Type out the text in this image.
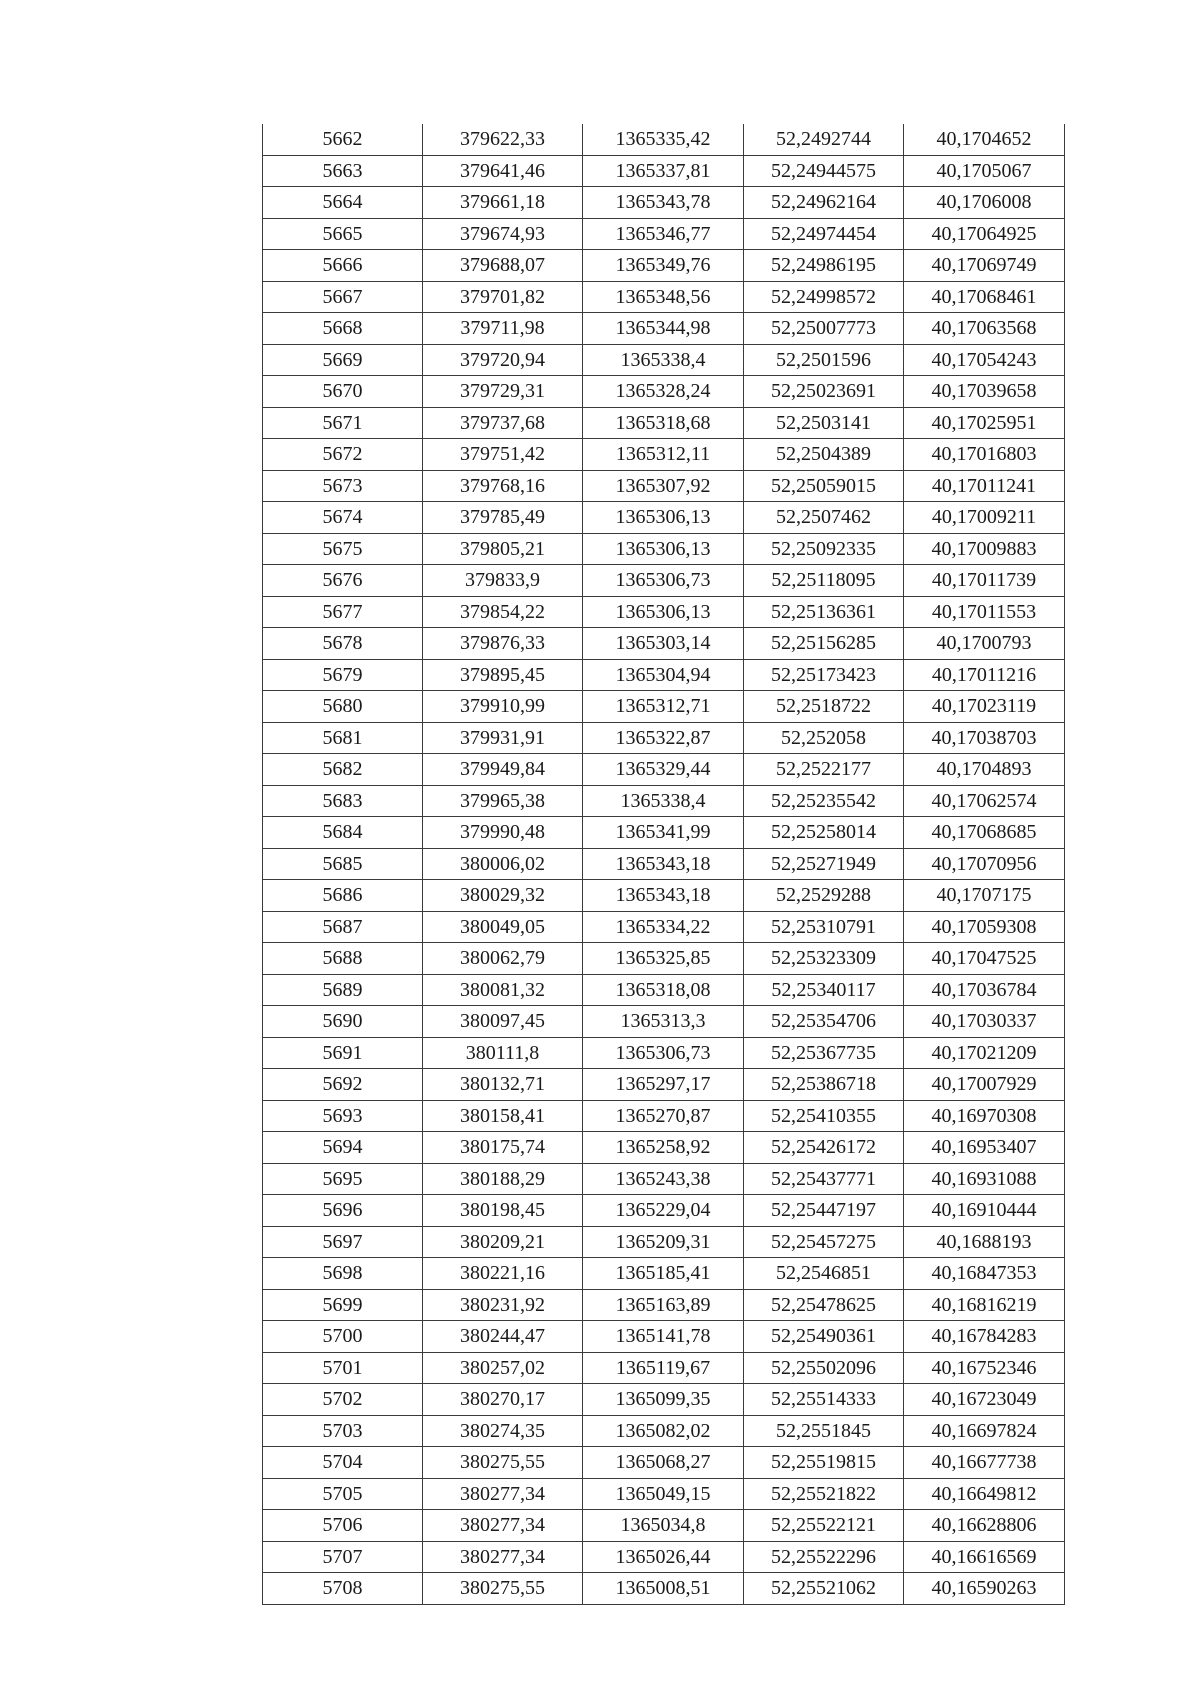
5662	379622,33	1365335,42	52,2492744	40,1704652
5663	379641,46	1365337,81	52,24944575	40,1705067
5664	379661,18	1365343,78	52,24962164	40,1706008
5665	379674,93	1365346,77	52,24974454	40,17064925
5666	379688,07	1365349,76	52,24986195	40,17069749
5667	379701,82	1365348,56	52,24998572	40,17068461
5668	379711,98	1365344,98	52,25007773	40,17063568
5669	379720,94	1365338,4	52,2501596	40,17054243
5670	379729,31	1365328,24	52,25023691	40,17039658
5671	379737,68	1365318,68	52,2503141	40,17025951
5672	379751,42	1365312,11	52,2504389	40,17016803
5673	379768,16	1365307,92	52,25059015	40,17011241
5674	379785,49	1365306,13	52,2507462	40,17009211
5675	379805,21	1365306,13	52,25092335	40,17009883
5676	379833,9	1365306,73	52,25118095	40,17011739
5677	379854,22	1365306,13	52,25136361	40,17011553
5678	379876,33	1365303,14	52,25156285	40,1700793
5679	379895,45	1365304,94	52,25173423	40,17011216
5680	379910,99	1365312,71	52,2518722	40,17023119
5681	379931,91	1365322,87	52,252058	40,17038703
5682	379949,84	1365329,44	52,2522177	40,1704893
5683	379965,38	1365338,4	52,25235542	40,17062574
5684	379990,48	1365341,99	52,25258014	40,17068685
5685	380006,02	1365343,18	52,25271949	40,17070956
5686	380029,32	1365343,18	52,2529288	40,1707175
5687	380049,05	1365334,22	52,25310791	40,17059308
5688	380062,79	1365325,85	52,25323309	40,17047525
5689	380081,32	1365318,08	52,25340117	40,17036784
5690	380097,45	1365313,3	52,25354706	40,17030337
5691	380111,8	1365306,73	52,25367735	40,17021209
5692	380132,71	1365297,17	52,25386718	40,17007929
5693	380158,41	1365270,87	52,25410355	40,16970308
5694	380175,74	1365258,92	52,25426172	40,16953407
5695	380188,29	1365243,38	52,25437771	40,16931088
5696	380198,45	1365229,04	52,25447197	40,16910444
5697	380209,21	1365209,31	52,25457275	40,1688193
5698	380221,16	1365185,41	52,2546851	40,16847353
5699	380231,92	1365163,89	52,25478625	40,16816219
5700	380244,47	1365141,78	52,25490361	40,16784283
5701	380257,02	1365119,67	52,25502096	40,16752346
5702	380270,17	1365099,35	52,25514333	40,16723049
5703	380274,35	1365082,02	52,2551845	40,16697824
5704	380275,55	1365068,27	52,25519815	40,16677738
5705	380277,34	1365049,15	52,25521822	40,16649812
5706	380277,34	1365034,8	52,25522121	40,16628806
5707	380277,34	1365026,44	52,25522296	40,16616569
5708	380275,55	1365008,51	52,25521062	40,16590263
